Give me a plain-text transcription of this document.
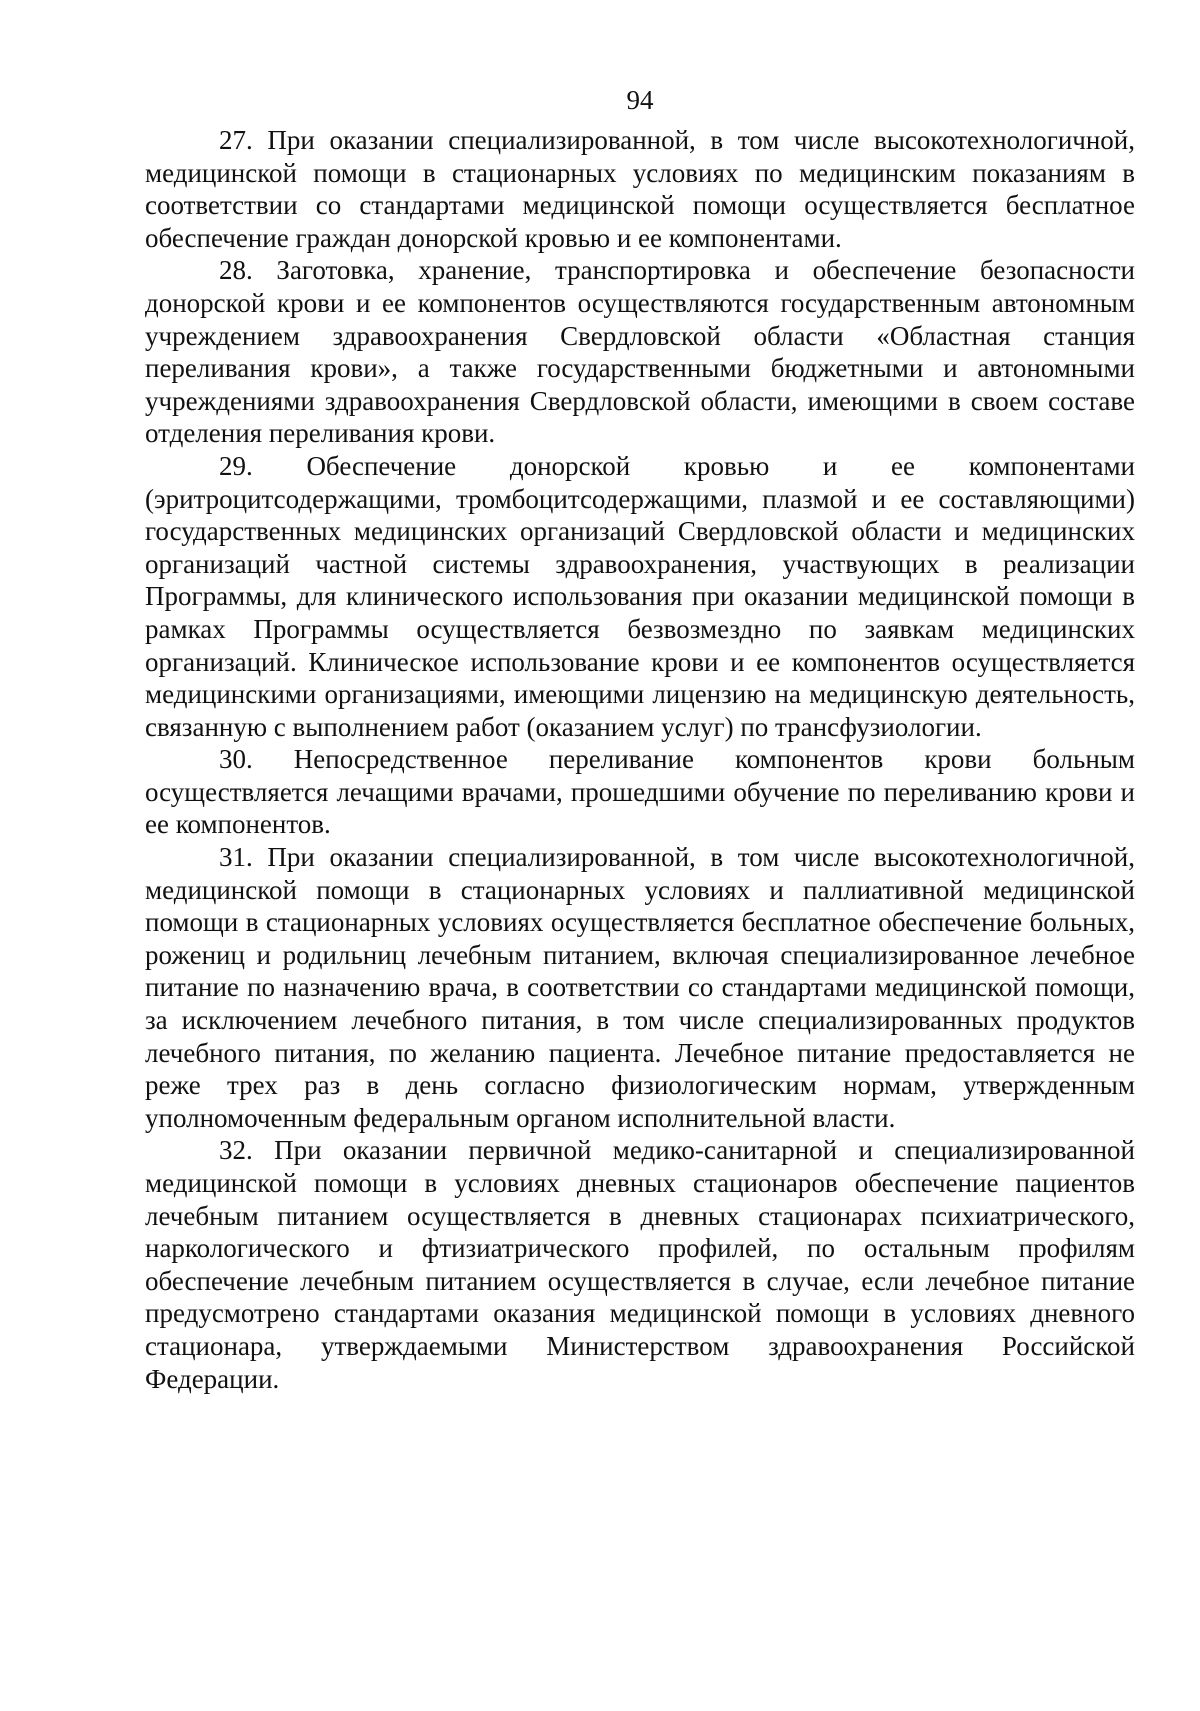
94

27. При оказании специализированной, в том числе высокотехнологичной, медицинской помощи в стационарных условиях по медицинским показаниям в соответствии со стандартами медицинской помощи осуществляется бесплатное обеспечение граждан донорской кровью и ее компонентами.

28. Заготовка, хранение, транспортировка и обеспечение безопасности донорской крови и ее компонентов осуществляются государственным автономным учреждением здравоохранения Свердловской области «Областная станция переливания крови», а также государственными бюджетными и автономными учреждениями здравоохранения Свердловской области, имеющими в своем составе отделения переливания крови.

29. Обеспечение донорской кровью и ее компонентами (эритроцитсодержащими, тромбоцитсодержащими, плазмой и ее составляющими) государственных медицинских организаций Свердловской области и медицинских организаций частной системы здравоохранения, участвующих в реализации Программы, для клинического использования при оказании медицинской помощи в рамках Программы осуществляется безвозмездно по заявкам медицинских организаций. Клиническое использование крови и ее компонентов осуществляется медицинскими организациями, имеющими лицензию на медицинскую деятельность, связанную с выполнением работ (оказанием услуг) по трансфузиологии.

30. Непосредственное переливание компонентов крови больным осуществляется лечащими врачами, прошедшими обучение по переливанию крови и ее компонентов.

31. При оказании специализированной, в том числе высокотехнологичной, медицинской помощи в стационарных условиях и паллиативной медицинской помощи в стационарных условиях осуществляется бесплатное обеспечение больных, рожениц и родильниц лечебным питанием, включая специализированное лечебное питание по назначению врача, в соответствии со стандартами медицинской помощи, за исключением лечебного питания, в том числе специализированных продуктов лечебного питания, по желанию пациента. Лечебное питание предоставляется не реже трех раз в день согласно физиологическим нормам, утвержденным уполномоченным федеральным органом исполнительной власти.

32. При оказании первичной медико-санитарной и специализированной медицинской помощи в условиях дневных стационаров обеспечение пациентов лечебным питанием осуществляется в дневных стационарах психиатрического, наркологического и фтизиатрического профилей, по остальным профилям обеспечение лечебным питанием осуществляется в случае, если лечебное питание предусмотрено стандартами оказания медицинской помощи в условиях дневного стационара, утверждаемыми Министерством здравоохранения Российской Федерации.
